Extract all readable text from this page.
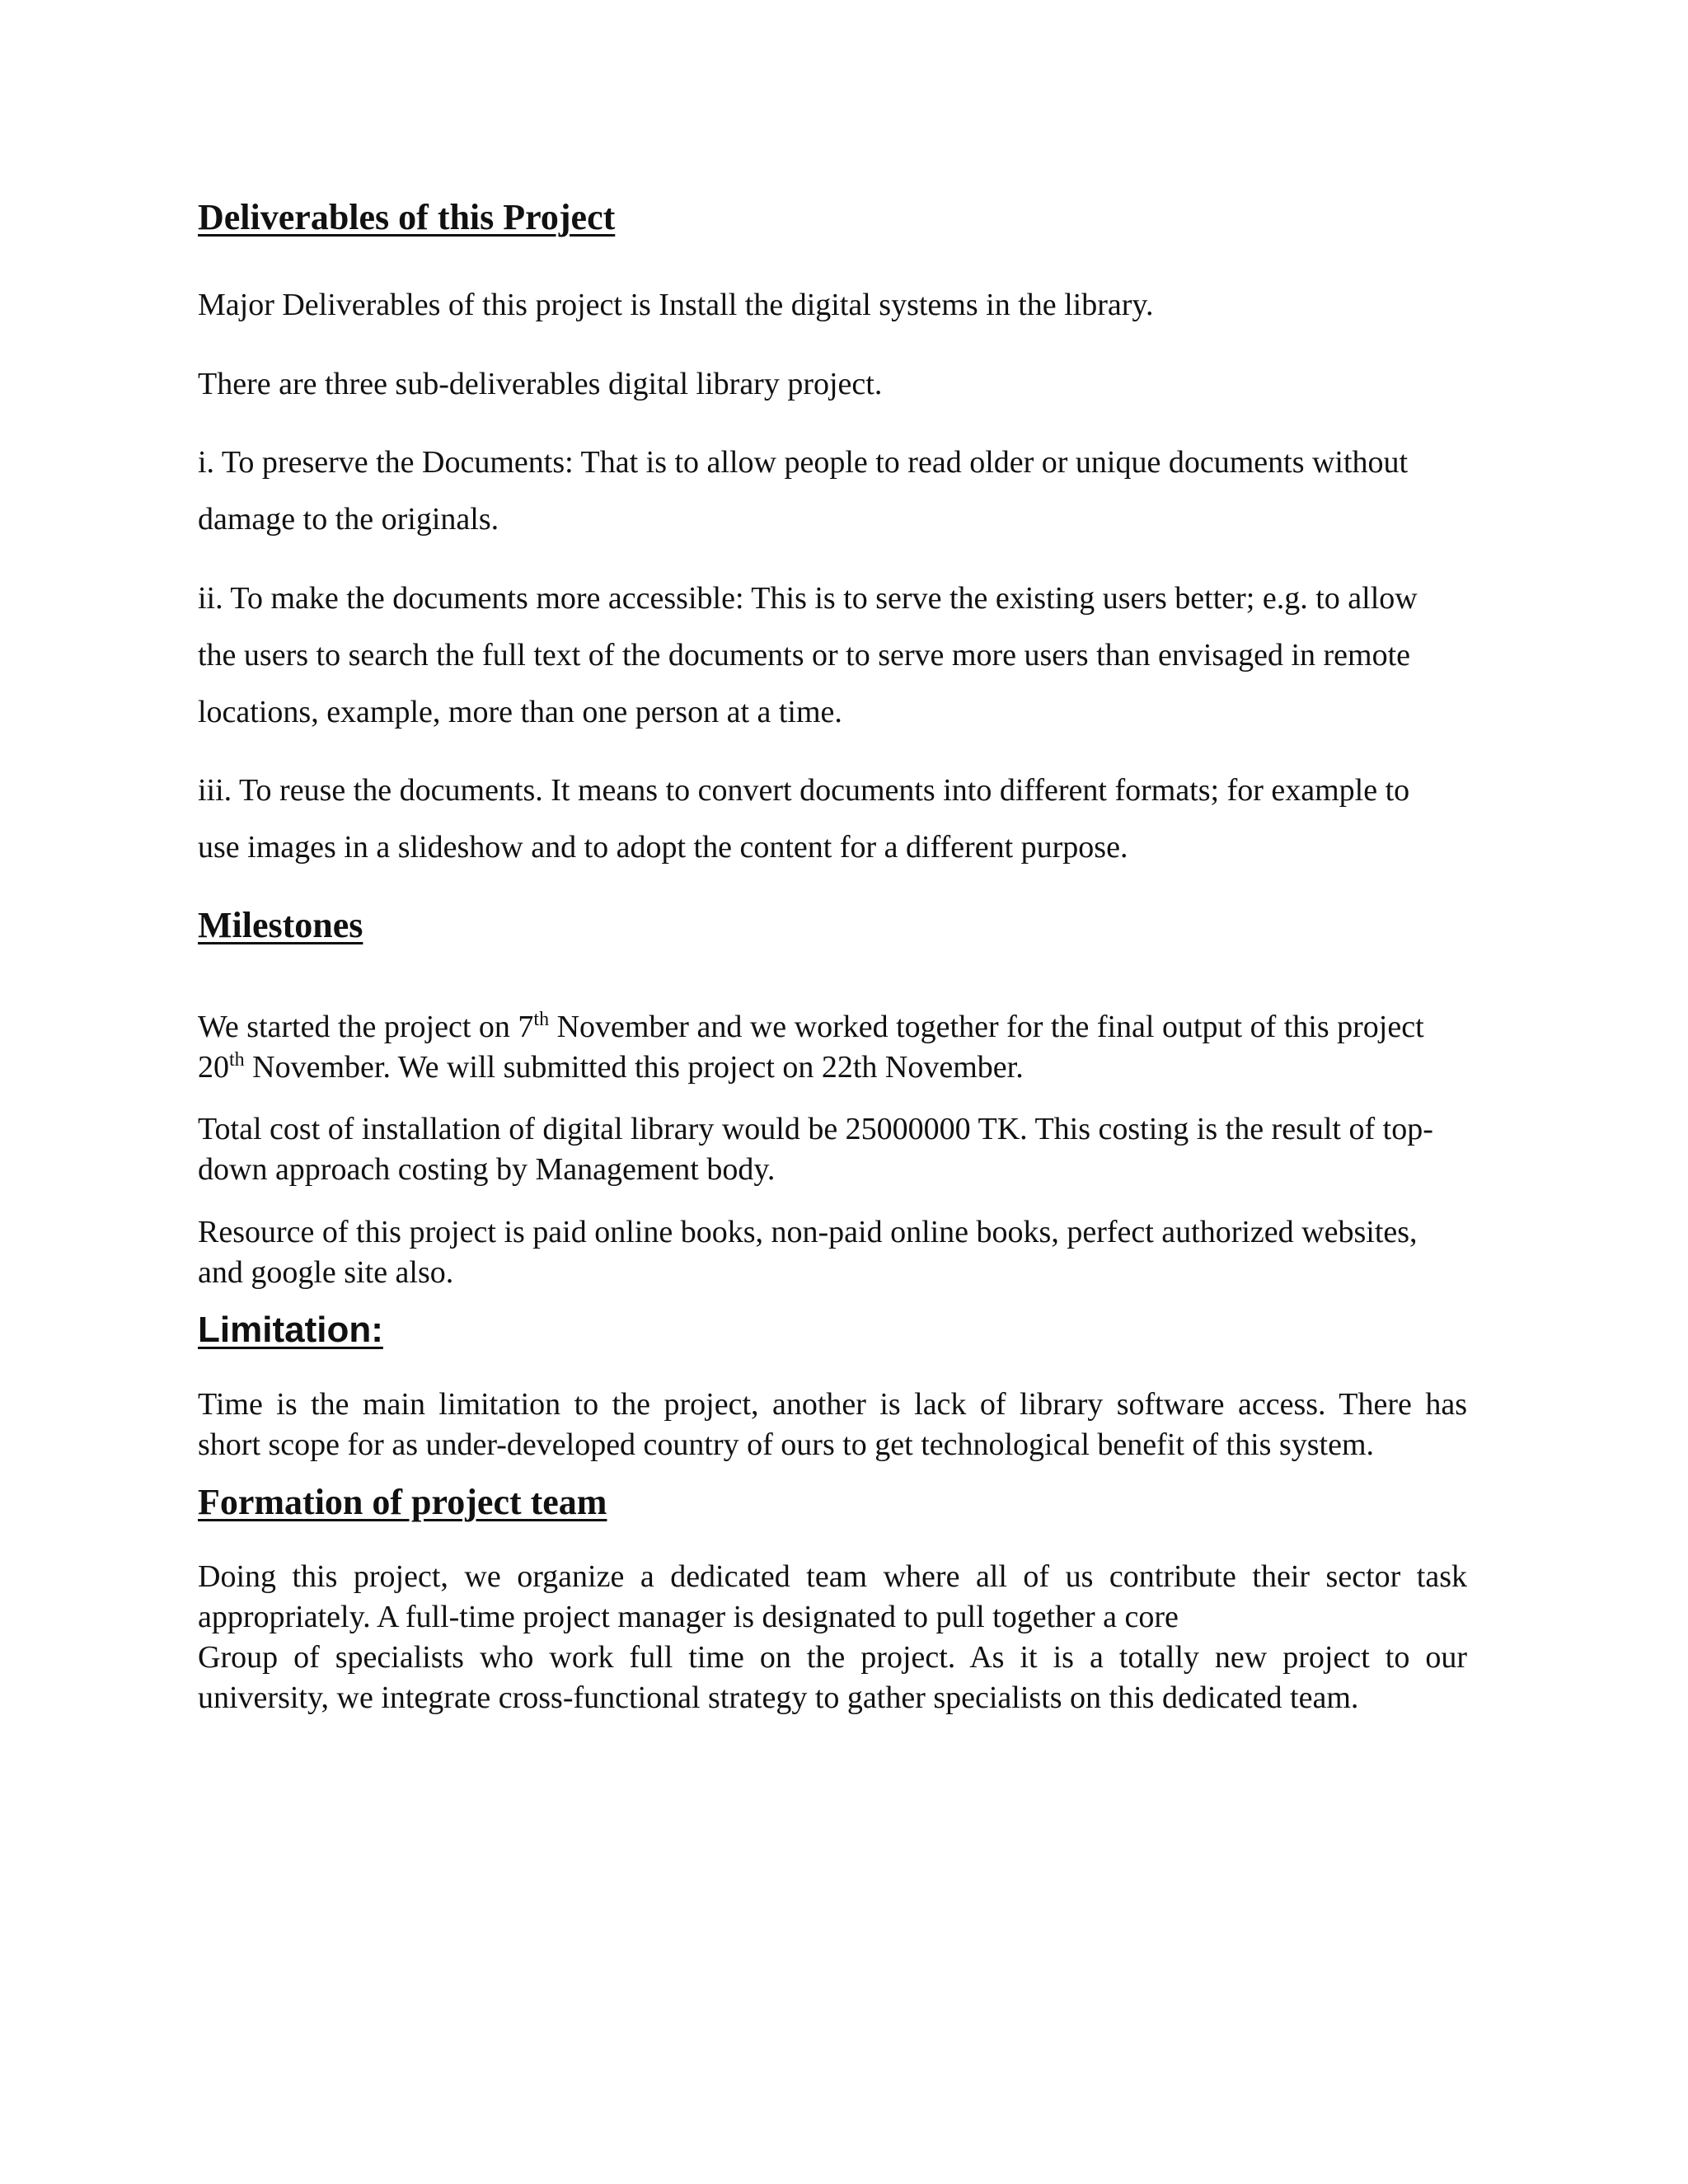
Deliverables of this Project

Major Deliverables of this project is Install the digital systems in the library.

There are three sub-deliverables digital library project.

i. To preserve the Documents: That is to allow people to read older or unique documents without
damage to the originals.
ii. To make the documents more accessible: This is to serve the existing users better; e.g. to allow
the users to search the full text of the documents or to serve more users than envisaged in remote
locations, example, more than one person at a time.
iii. To reuse the documents. It means to convert documents into different formats; for example to
use images in a slideshow and to adopt the content for a different purpose.
Milestones
We started the project on 7th November and we worked together for the final output of this project
20th November. We will submitted this project on 22th November.
Total cost of installation of digital library would be 25000000 TK. This costing is the result of top-
down approach costing by Management body.
Resource of this project is paid online books, non-paid online books, perfect authorized websites,
and google site also.
Limitation:
Time is the main limitation to the project, another is lack of library software access. There has
short scope for as under-developed country of ours to get technological benefit of this system.
Formation of project team
Doing this project, we organize a dedicated team where all of us contribute their sector task
appropriately. A full-time project manager is designated to pull together a core
Group of specialists who work full time on the project. As it is a totally new project to our
university, we integrate cross-functional strategy to gather specialists on this dedicated team.
